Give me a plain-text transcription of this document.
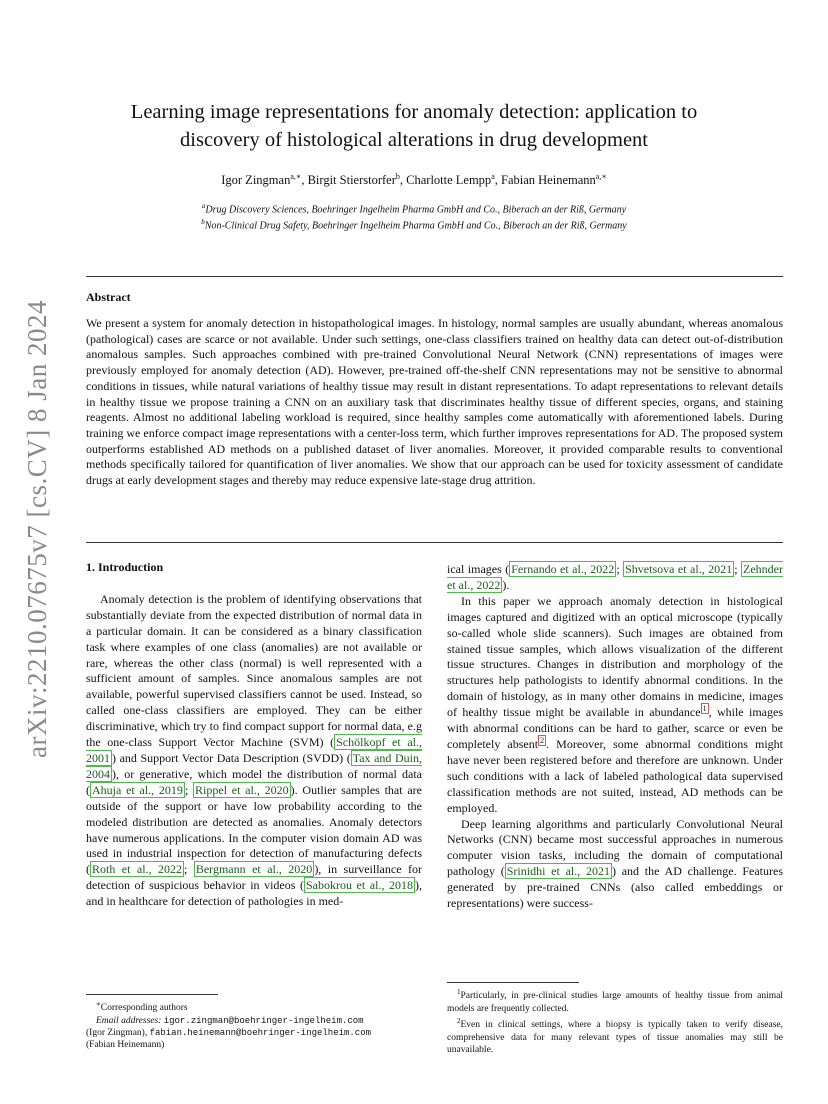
arXiv:2210.07675v7 [cs.CV] 8 Jan 2024
Learning image representations for anomaly detection: application to discovery of histological alterations in drug development
Igor Zingman$^{a,∗}$, Birgit Stierstorfer$^b$, Charlotte Lempp$^a$, Fabian Heinemann$^{a,∗}$
$^a$Drug Discovery Sciences, Boehringer Ingelheim Pharma GmbH and Co., Biberach an der Riß, Germany
$^b$Non-Clinical Drug Safety, Boehringer Ingelheim Pharma GmbH and Co., Biberach an der Riß, Germany
Abstract

We present a system for anomaly detection in histopathological images. In histology, normal samples are usually abundant, whereas anomalous (pathological) cases are scarce or not available. Under such settings, one-class classifiers trained on healthy data can detect out-of-distribution anomalous samples. Such approaches combined with pre-trained Convolutional Neural Network (CNN) representations of images were previously employed for anomaly detection (AD). However, pre-trained off-the-shelf CNN representations may not be sensitive to abnormal conditions in tissues, while natural variations of healthy tissue may result in distant representations. To adapt representations to relevant details in healthy tissue we propose training a CNN on an auxiliary task that discriminates healthy tissue of different species, organs, and staining reagents. Almost no additional labeling workload is required, since healthy samples come automatically with aforementioned labels. During training we enforce compact image representations with a center-loss term, which further improves representations for AD. The proposed system outperforms established AD methods on a published dataset of liver anomalies. Moreover, it provided comparable results to conventional methods specifically tailored for quantification of liver anomalies. We show that our approach can be used for toxicity assessment of candidate drugs at early development stages and thereby may reduce expensive late-stage drug attrition.

1. Introduction

Anomaly detection is the problem of identifying observations that substantially deviate from the expected distribution of normal data in a particular domain. It can be considered as a binary classification task where examples of one class (anomalies) are not available or rare, whereas the other class (normal) is well represented with a sufficient amount of samples. Since anomalous samples are not available, powerful supervised classifiers cannot be used. Instead, so called one-class classifiers are employed. They can be either discriminative, which try to find compact support for normal data, e.g the one-class Support Vector Machine (SVM) ( Schölkopf et al., 2001 ) and Support Vector Data Description (SVDD) ( Tax and Duin, 2004 ), or generative, which model the distribution of normal data ( Ahuja et al., 2019 ; Rippel et al., 2020 ). Outlier samples that are outside of the support or have low probability according to the modeled distribution are detected as anomalies. Anomaly detectors have numerous applications. In the computer vision domain AD was used in industrial inspection for detection of manufacturing defects ( Roth et al., 2022 ; Bergmann et al., 2020 ), in surveillance for detection of suspicious behavior in videos ( Sabokrou et al., 2018 ), and in healthcare for detection of pathologies in med-

ical images ( Fernando et al., 2022 ; Shvetsova et al., 2021 ; Zehnder et al., 2022 ).

In this paper we approach anomaly detection in histological images captured and digitized with an optical microscope (typically so-called whole slide scanners). Such images are obtained from stained tissue samples, which allows visualization of the different tissue structures. Changes in distribution and morphology of the structures help pathologists to identify abnormal conditions. In the domain of histology, as in many other domains in medicine, images of healthy tissue might be available in abundance $^1$ , while images with abnormal conditions can be hard to gather, scarce or even be completely absent $^2$ . Moreover, some abnormal conditions might have never been registered before and therefore are unknown. Under such conditions with a lack of labeled pathological data supervised classification methods are not suited, instead, AD methods can be employed.

Deep learning algorithms and particularly Convolutional Neural Networks (CNN) became most successful approaches in numerous computer vision tasks, including the domain of computational pathology ( Srinidhi et al., 2021 ) and the AD challenge. Features generated by pre-trained CNNs (also called embeddings or representations) were success-

∗Corresponding authors

Email addresses: igor.zingman@boehringer-ingelheim.com

(Igor Zingman), fabian.heinemann@boehringer-ingelheim.com

(Fabian Heinemann)

$^1$Particularly, in pre-clinical studies large amounts of healthy tissue from animal models are frequently collected.

$^2$Even in clinical settings, where a biopsy is typically taken to verify disease, comprehensive data for many relevant types of tissue anomalies may still be unavailable.
